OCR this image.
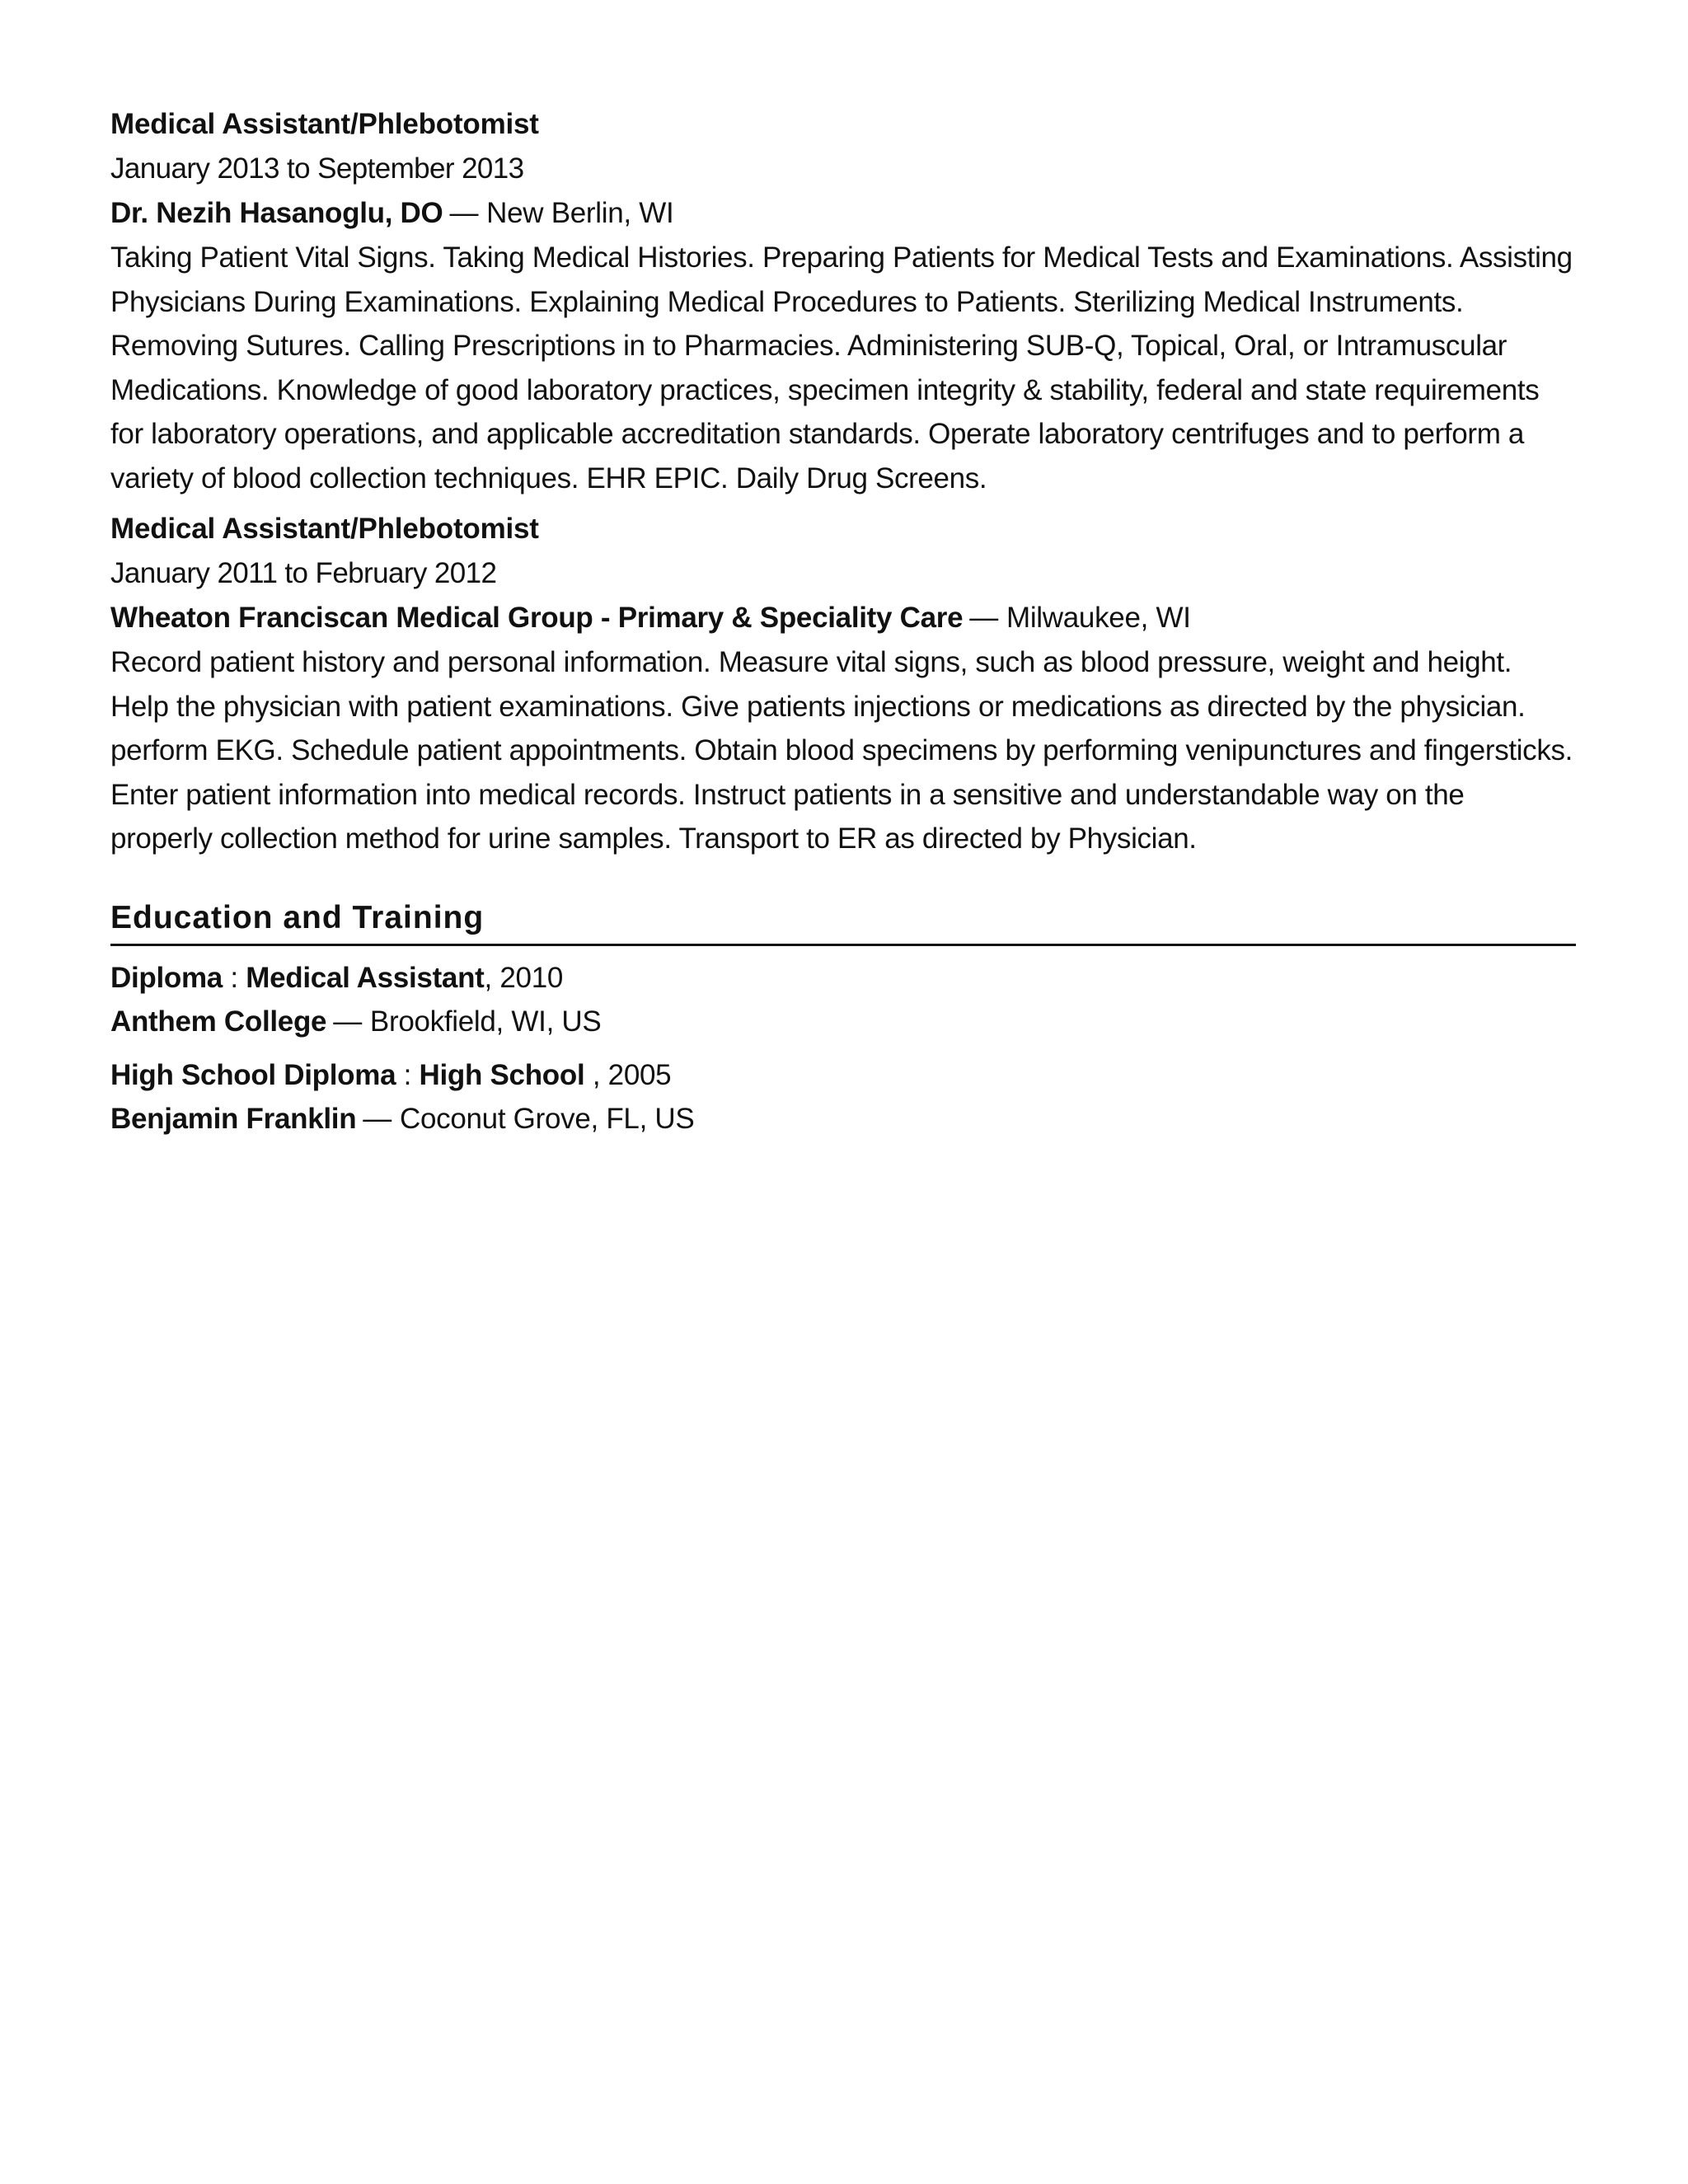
Medical Assistant/Phlebotomist
January 2013 to September 2013
Dr. Nezih Hasanoglu, DO — New Berlin, WI

Taking Patient Vital Signs. Taking Medical Histories. Preparing Patients for Medical Tests and Examinations. Assisting Physicians During Examinations. Explaining Medical Procedures to Patients. Sterilizing Medical Instruments. Removing Sutures. Calling Prescriptions in to Pharmacies. Administering SUB-Q, Topical, Oral, or Intramuscular Medications. Knowledge of good laboratory practices, specimen integrity & stability, federal and state requirements for laboratory operations, and applicable accreditation standards. Operate laboratory centrifuges and to perform a variety of blood collection techniques. EHR EPIC. Daily Drug Screens.

Medical Assistant/Phlebotomist
January 2011 to February 2012
Wheaton Franciscan Medical Group - Primary & Speciality Care — Milwaukee, WI

Record patient history and personal information. Measure vital signs, such as blood pressure, weight and height. Help the physician with patient examinations. Give patients injections or medications as directed by the physician. perform EKG. Schedule patient appointments. Obtain blood specimens by performing venipunctures and fingersticks. Enter patient information into medical records. Instruct patients in a sensitive and understandable way on the properly collection method for urine samples. Transport to ER as directed by Physician.

Education and Training
Diploma : Medical Assistant, 2010
Anthem College — Brookfield, WI, US
High School Diploma : High School , 2005
Benjamin Franklin — Coconut Grove, FL, US
